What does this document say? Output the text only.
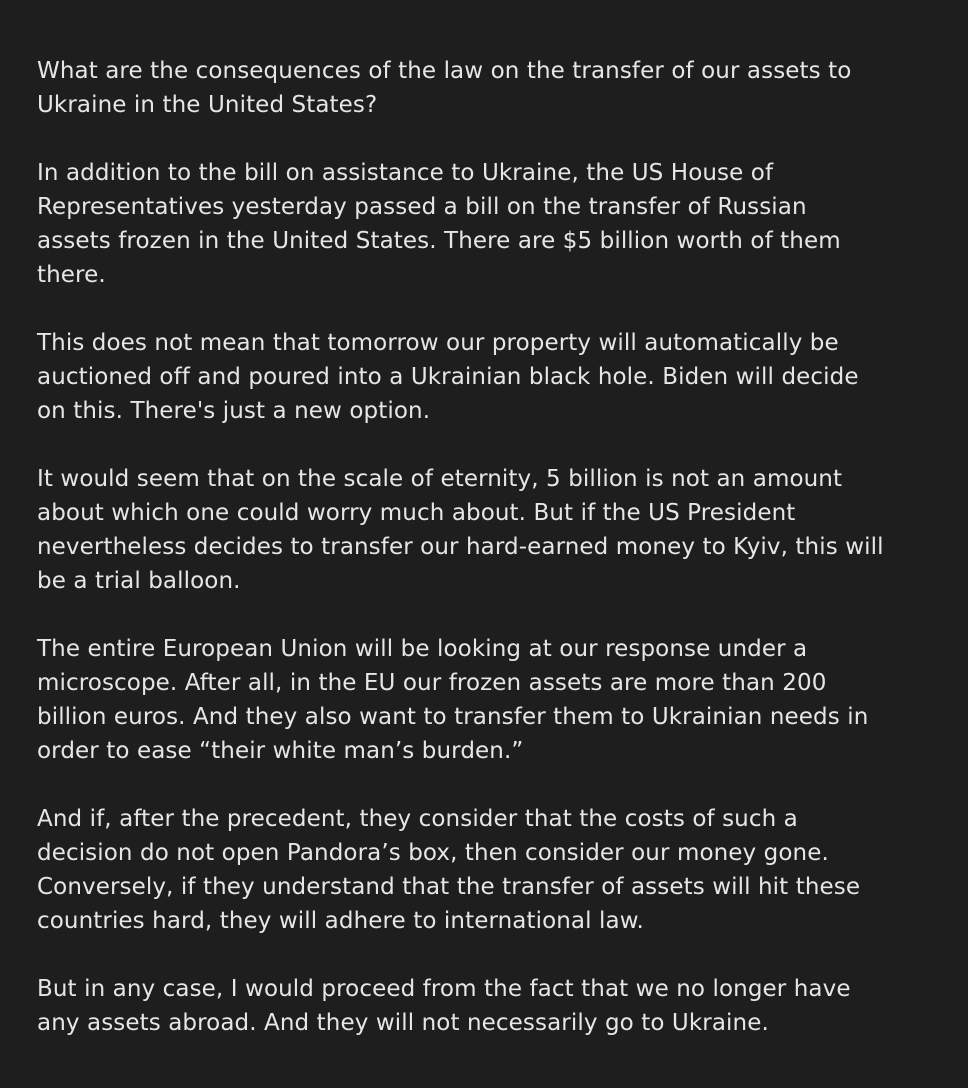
What are the consequences of the law on the transfer of our assets to
Ukraine in the United States?

In addition to the bill on assistance to Ukraine, the US House of
Representatives yesterday passed a bill on the transfer of Russian
assets frozen in the United States. There are $5 billion worth of them
there.

This does not mean that tomorrow our property will automatically be
auctioned off and poured into a Ukrainian black hole. Biden will decide
on this. There's just a new option.

It would seem that on the scale of eternity, 5 billion is not an amount
about which one could worry much about. But if the US President
nevertheless decides to transfer our hard-earned money to Kyiv, this will
be a trial balloon.

The entire European Union will be looking at our response under a
microscope. After all, in the EU our frozen assets are more than 200
billion euros. And they also want to transfer them to Ukrainian needs in
order to ease “their white man’s burden.”

And if, after the precedent, they consider that the costs of such a
decision do not open Pandora’s box, then consider our money gone.
Conversely, if they understand that the transfer of assets will hit these
countries hard, they will adhere to international law.

But in any case, I would proceed from the fact that we no longer have
any assets abroad. And they will not necessarily go to Ukraine.
